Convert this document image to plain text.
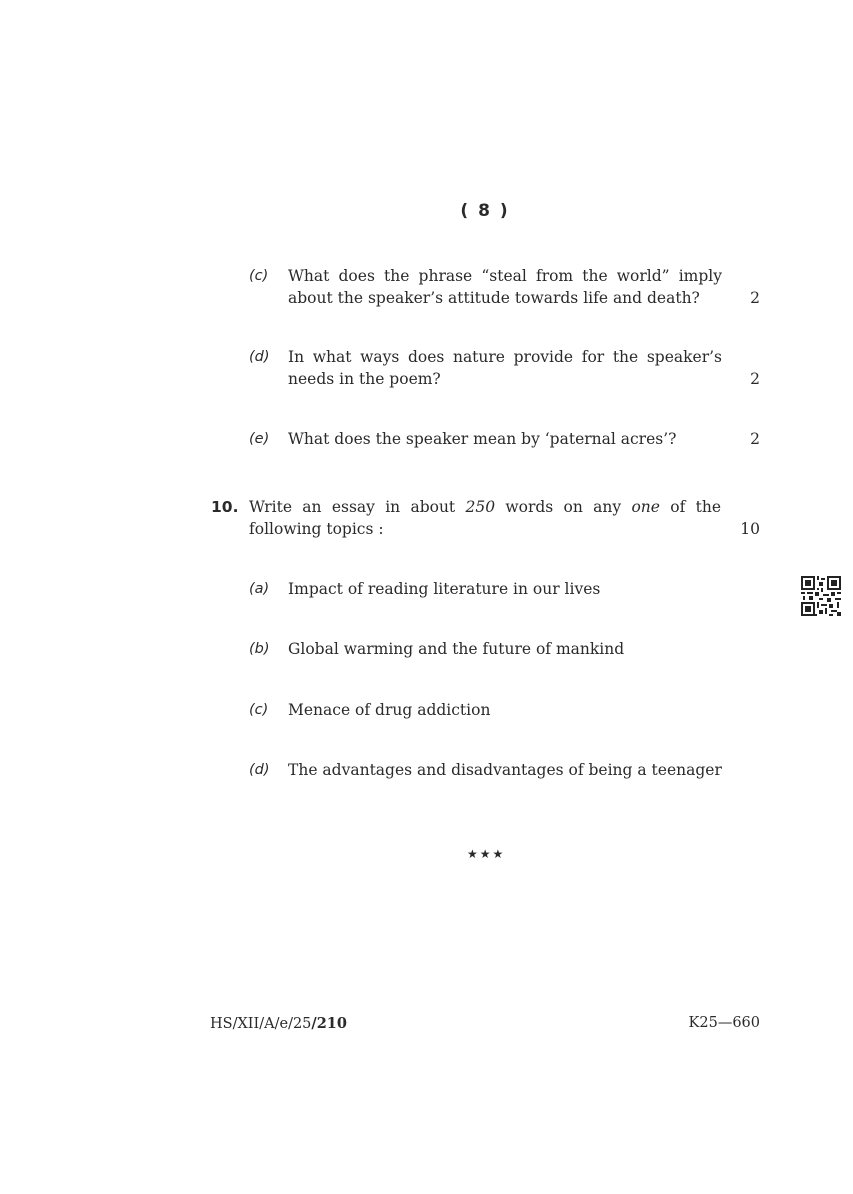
( 8 )
(c) What does the phrase “steal from the world” imply about the speaker’s attitude towards life and death?	2
(d) In what ways does nature provide for the speaker’s needs in the poem?	2
(e) What does the speaker mean by ‘paternal acres’?	2
10. Write an essay in about 250 words on any one of the following topics :	10
(a) Impact of reading literature in our lives
(b) Global warming and the future of mankind
(c) Menace of drug addiction
(d) The advantages and disadvantages of being a teenager
★★★
HS/XII/A/e/25/210	K25—660
